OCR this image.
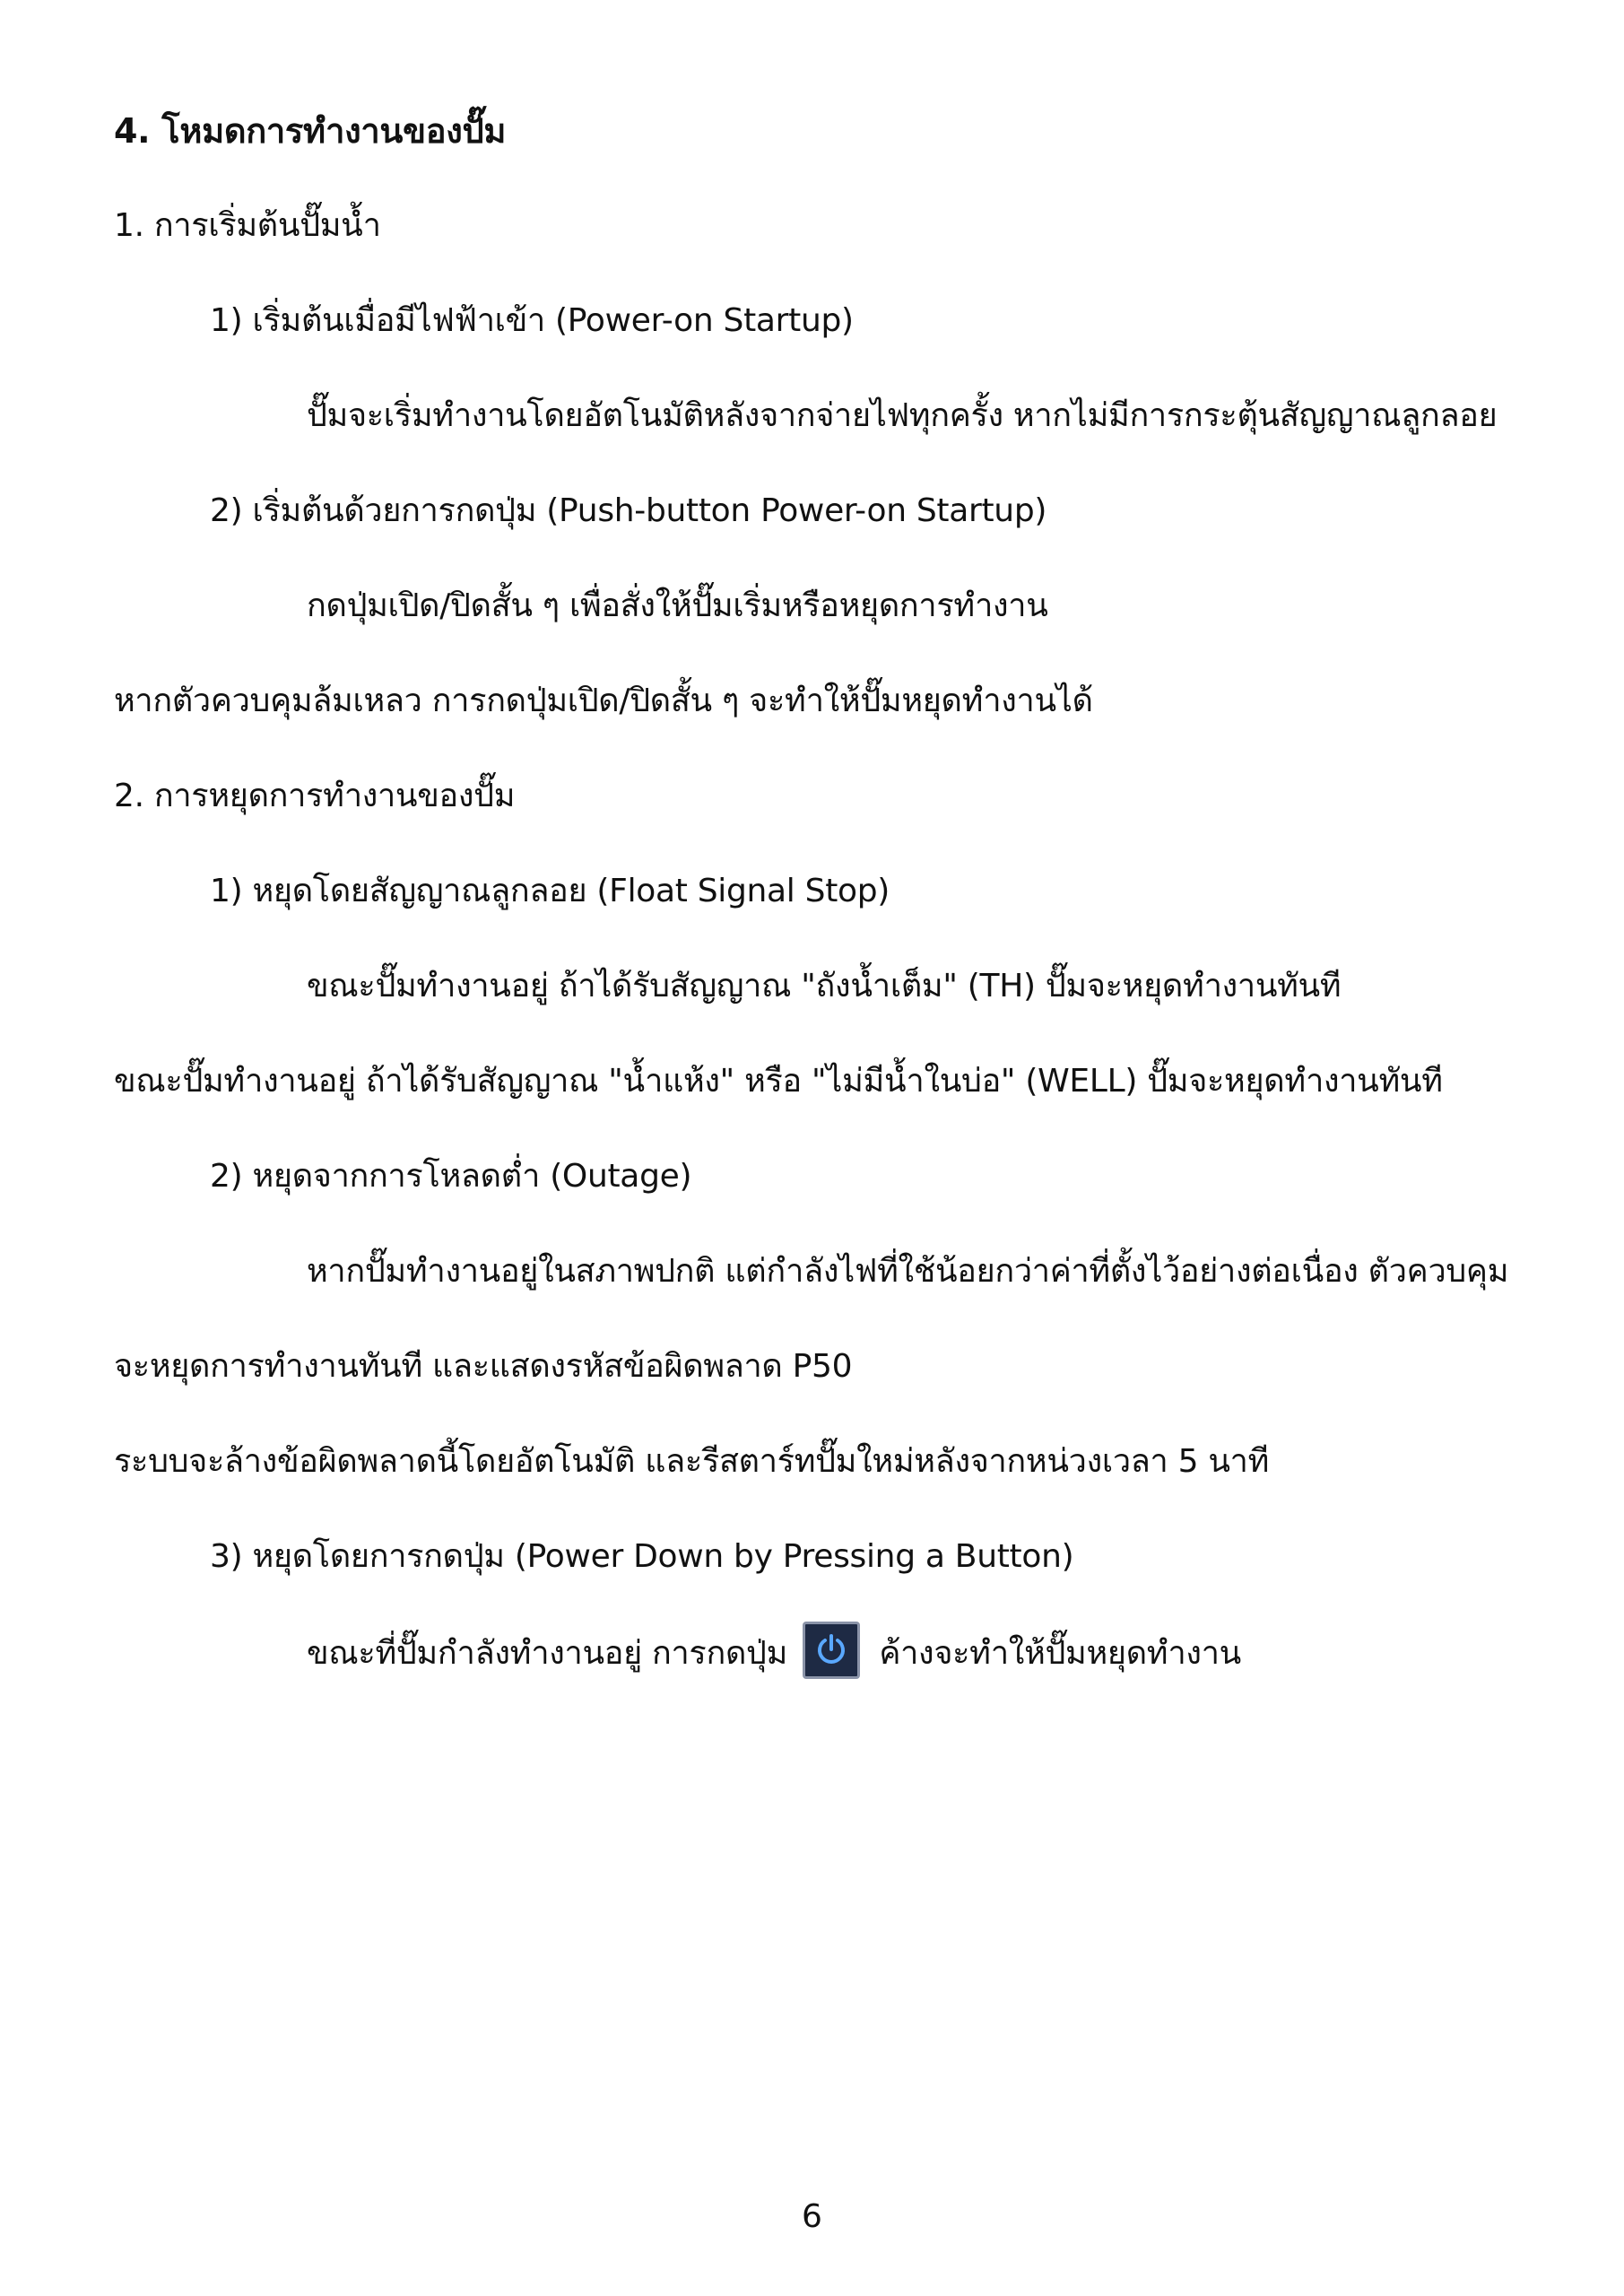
4. โหมดการทำงานของปั๊ม
1. การเริ่มต้นปั๊มน้ำ
1) เริ่มต้นเมื่อมีไฟฟ้าเข้า (Power-on Startup)
ปั๊มจะเริ่มทำงานโดยอัตโนมัติหลังจากจ่ายไฟทุกครั้ง หากไม่มีการกระตุ้นสัญญาณลูกลอย
2) เริ่มต้นด้วยการกดปุ่ม (Push-button Power-on Startup)
กดปุ่มเปิด/ปิดสั้น ๆ เพื่อสั่งให้ปั๊มเริ่มหรือหยุดการทำงาน
หากตัวควบคุมล้มเหลว การกดปุ่มเปิด/ปิดสั้น ๆ จะทำให้ปั๊มหยุดทำงานได้
2. การหยุดการทำงานของปั๊ม
1) หยุดโดยสัญญาณลูกลอย (Float Signal Stop)
ขณะปั๊มทำงานอยู่ ถ้าได้รับสัญญาณ "ถังน้ำเต็ม" (TH) ปั๊มจะหยุดทำงานทันที
ขณะปั๊มทำงานอยู่ ถ้าได้รับสัญญาณ "น้ำแห้ง" หรือ "ไม่มีน้ำในบ่อ" (WELL) ปั๊มจะหยุดทำงานทันที
2) หยุดจากการโหลดต่ำ (Outage)
หากปั๊มทำงานอยู่ในสภาพปกติ แต่กำลังไฟที่ใช้น้อยกว่าค่าที่ตั้งไว้อย่างต่อเนื่อง ตัวควบคุม
จะหยุดการทำงานทันที และแสดงรหัสข้อผิดพลาด P50
ระบบจะล้างข้อผิดพลาดนี้โดยอัตโนมัติ และรีสตาร์ทปั๊มใหม่หลังจากหน่วงเวลา 5 นาที
3) หยุดโดยการกดปุ่ม (Power Down by Pressing a Button)
ขณะที่ปั๊มกำลังทำงานอยู่ การกดปุ่ม	ค้างจะทำให้ปั๊มหยุดทำงาน
6
